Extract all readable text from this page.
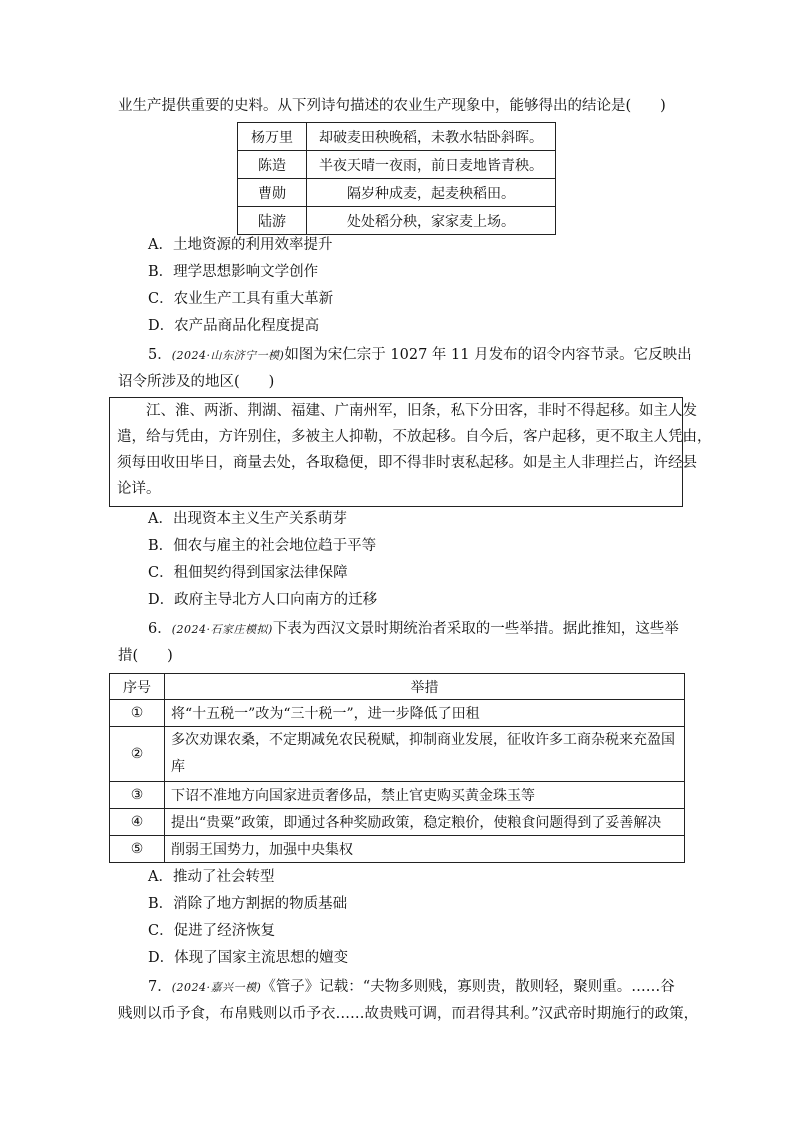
业生产提供重要的史料。从下列诗句描述的农业生产现象中，能够得出的结论是(　　)
杨万里	却破麦田秧晚稻，未教水牯卧斜晖。
陈造	半夜天晴一夜雨，前日麦地皆青秧。
曹勋	隔岁种成麦，起麦秧稻田。
陆游	处处稻分秧，家家麦上场。
A．土地资源的利用效率提升
B．理学思想影响文学创作
C．农业生产工具有重大革新
D．农产品商品化程度提高
5．(2024·山东济宁一模)如图为宋仁宗于 1027 年 11 月发布的诏令内容节录。它反映出
诏令所涉及的地区(　　)
江、淮、两浙、荆湖、福建、广南州军，旧条，私下分田客，非时不得起移。如主人发
遣，给与凭由，方许别住，多被主人抑勒，不放起移。自今后，客户起移，更不取主人凭由，
须每田收田毕日，商量去处，各取稳便，即不得非时衷私起移。如是主人非理拦占，许经县
论详。
A．出现资本主义生产关系萌芽
B．佃农与雇主的社会地位趋于平等
C．租佃契约得到国家法律保障
D．政府主导北方人口向南方的迁移
6．(2024·石家庄模拟)下表为西汉文景时期统治者采取的一些举措。据此推知，这些举
措(　　)
序号	举措
①	将“十五税一”改为“三十税一”，进一步降低了田租
②	多次劝课农桑，不定期减免农民税赋，抑制商业发展，征收许多工商杂税来充盈国
库
③	下诏不准地方向国家进贡奢侈品，禁止官吏购买黄金珠玉等
④	提出“贵粟”政策，即通过各种奖励政策，稳定粮价，使粮食问题得到了妥善解决
⑤	削弱王国势力，加强中央集权
A．推动了社会转型
B．消除了地方割据的物质基础
C．促进了经济恢复
D．体现了国家主流思想的嬗变
7．(2024·嘉兴一模)《管子》记载：“夫物多则贱，寡则贵，散则轻，聚则重。……谷
贱则以币予食，布帛贱则以币予衣……故贵贱可调，而君得其利。”汉武帝时期施行的政策，
